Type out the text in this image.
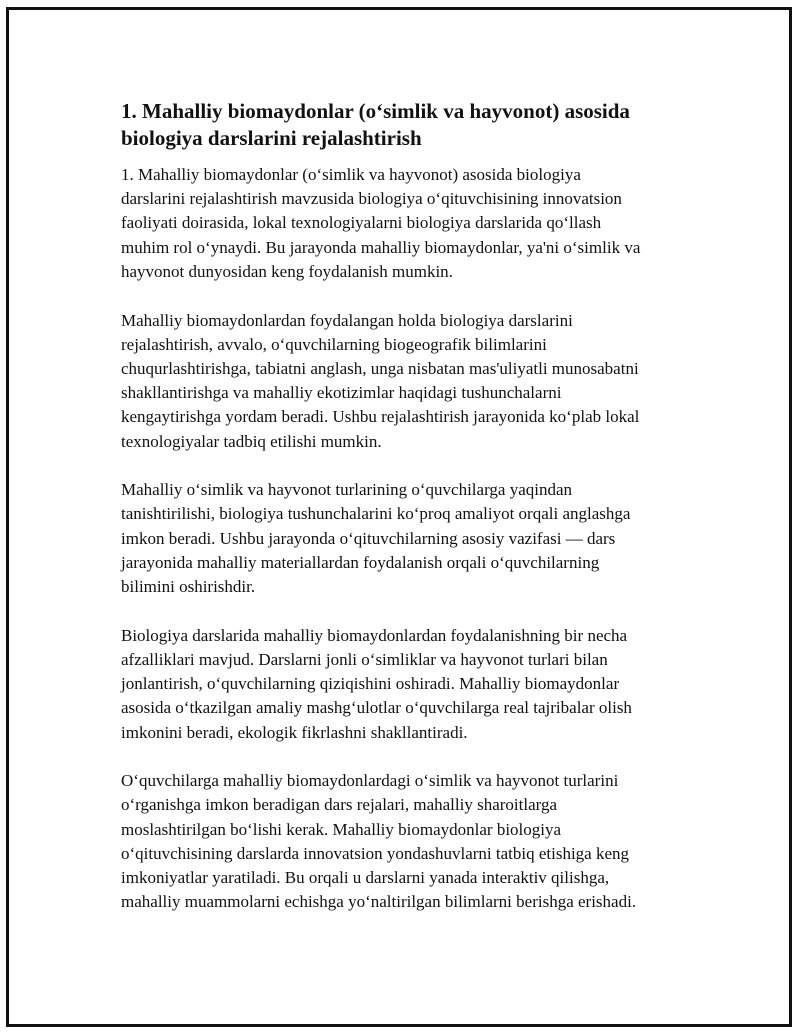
1. Mahalliy biomaydonlar (o‘simlik va hayvonot) asosida
biologiya darslarini rejalashtirish

1. Mahalliy biomaydonlar (o‘simlik va hayvonot) asosida biologiya
darslarini rejalashtirish mavzusida biologiya o‘qituvchisining innovatsion
faoliyati doirasida, lokal texnologiyalarni biologiya darslarida qo‘llash
muhim rol o‘ynaydi. Bu jarayonda mahalliy biomaydonlar, ya'ni o‘simlik va
hayvonot dunyosidan keng foydalanish mumkin.

Mahalliy biomaydonlardan foydalangan holda biologiya darslarini
rejalashtirish, avvalo, o‘quvchilarning biogeografik bilimlarini
chuqurlashtirishga, tabiatni anglash, unga nisbatan mas'uliyatli munosabatni
shakllantirishga va mahalliy ekotizimlar haqidagi tushunchalarni
kengaytirishga yordam beradi. Ushbu rejalashtirish jarayonida ko‘plab lokal
texnologiyalar tadbiq etilishi mumkin.

Mahalliy o‘simlik va hayvonot turlarining o‘quvchilarga yaqindan
tanishtirilishi, biologiya tushunchalarini ko‘proq amaliyot orqali anglashga
imkon beradi. Ushbu jarayonda o‘qituvchilarning asosiy vazifasi — dars
jarayonida mahalliy materiallardan foydalanish orqali o‘quvchilarning
bilimini oshirishdir.

Biologiya darslarida mahalliy biomaydonlardan foydalanishning bir necha
afzalliklari mavjud. Darslarni jonli o‘simliklar va hayvonot turlari bilan
jonlantirish, o‘quvchilarning qiziqishini oshiradi. Mahalliy biomaydonlar
asosida o‘tkazilgan amaliy mashg‘ulotlar o‘quvchilarga real tajribalar olish
imkonini beradi, ekologik fikrlashni shakllantiradi.

O‘quvchilarga mahalliy biomaydonlardagi o‘simlik va hayvonot turlarini
o‘rganishga imkon beradigan dars rejalari, mahalliy sharoitlarga
moslashtirilgan bo‘lishi kerak. Mahalliy biomaydonlar biologiya
o‘qituvchisining darslarda innovatsion yondashuvlarni tatbiq etishiga keng
imkoniyatlar yaratiladi. Bu orqali u darslarni yanada interaktiv qilishga,
mahalliy muammolarni echishga yo‘naltirilgan bilimlarni berishga erishadi.
